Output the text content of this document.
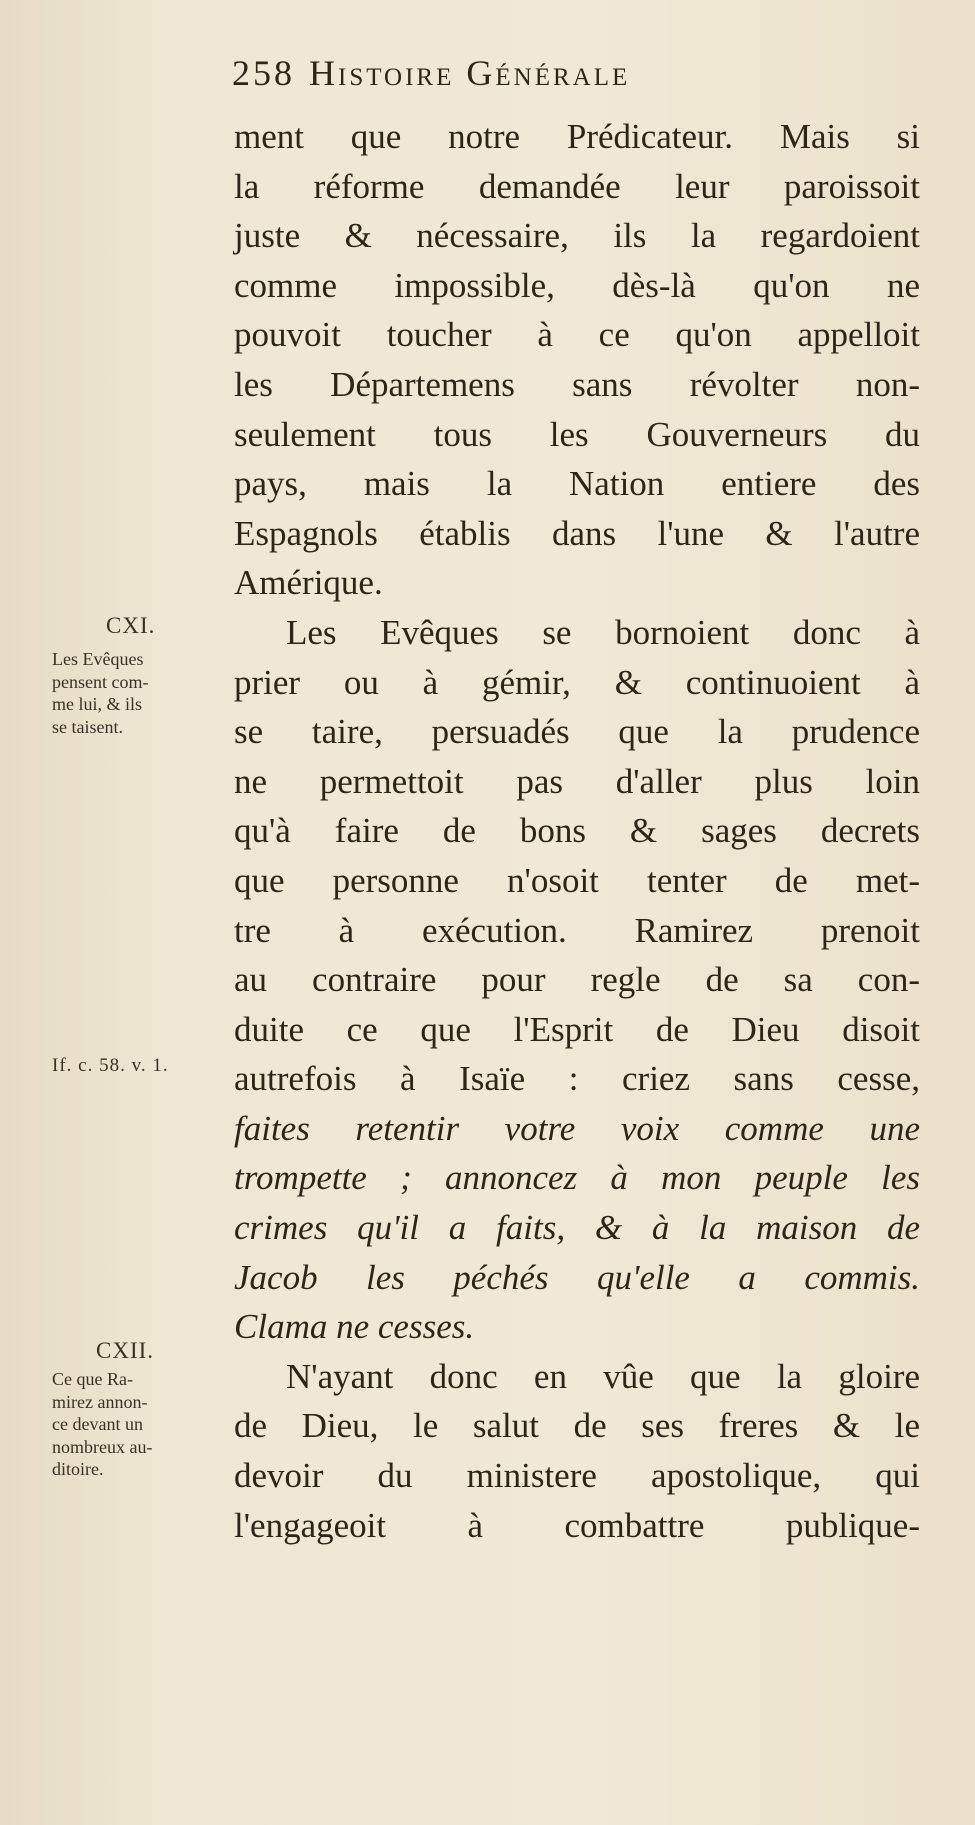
258 Histoire Générale
ment que notre Prédicateur. Mais si
la réforme demandée leur paroissoit
juste & nécessaire, ils la regardoient
comme impossible, dès-là qu'on ne
pouvoit toucher à ce qu'on appelloit
les Départemens sans révolter non-
seulement tous les Gouverneurs du
pays, mais la Nation entiere des
Espagnols établis dans l'une & l'autre
Amérique.
Les Evêques se bornoient donc à
prier ou à gémir, & continuoient à
se taire, persuadés que la prudence
ne permettoit pas d'aller plus loin
qu'à faire de bons & sages decrets
que personne n'osoit tenter de met-
tre à exécution. Ramirez prenoit
au contraire pour regle de sa con-
duite ce que l'Esprit de Dieu disoit
autrefois à Isaïe : criez sans cesse,
faites retentir votre voix comme une
trompette ; annoncez à mon peuple les
crimes qu'il a faits, & à la maison de
Jacob les péchés qu'elle a commis.
Clama ne cesses.
N'ayant donc en vûe que la gloire
de Dieu, le salut de ses freres & le
devoir du ministere apostolique, qui
l'engageoit à combattre publique-
CXI.
Les Evêques
pensent com-
me lui, & ils
se taisent.
If. c. 58. v. 1.
CXII.
Ce que Ra-
mirez annon-
ce devant un
nombreux au-
ditoire.
